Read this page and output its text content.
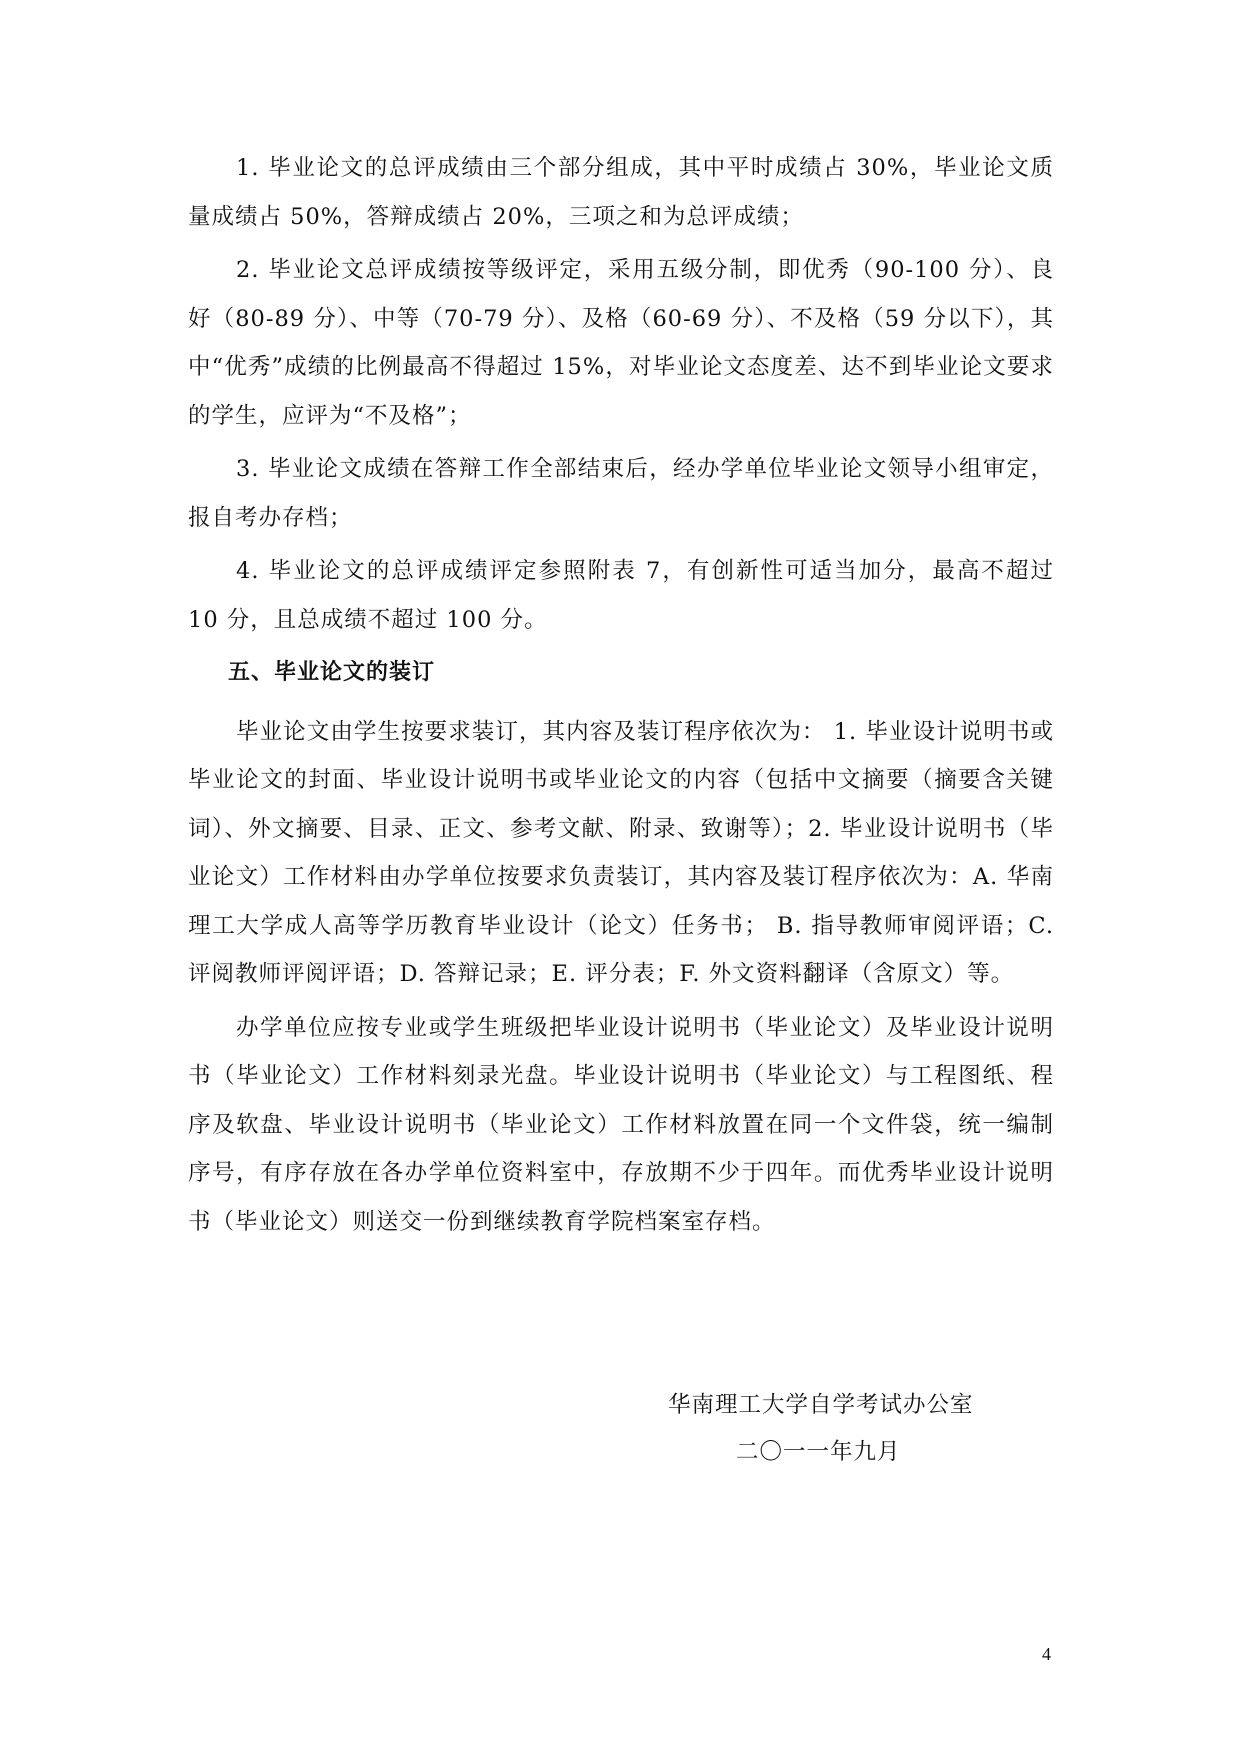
1. 毕业论文的总评成绩由三个部分组成，其中平时成绩占 30%，毕业论文质量成绩占 50%，答辩成绩占 20%，三项之和为总评成绩；

2. 毕业论文总评成绩按等级评定，采用五级分制，即优秀（90-100 分）、良好（80-89 分）、中等（70-79 分）、及格（60-69 分）、不及格（59 分以下），其中“优秀”成绩的比例最高不得超过 15%，对毕业论文态度差、达不到毕业论文要求的学生，应评为“不及格”；

3. 毕业论文成绩在答辩工作全部结束后，经办学单位毕业论文领导小组审定，报自考办存档；

4. 毕业论文的总评成绩评定参照附表 7，有创新性可适当加分，最高不超过 10 分，且总成绩不超过 100 分。

五、毕业论文的装订

毕业论文由学生按要求装订，其内容及装订程序依次为： 1. 毕业设计说明书或毕业论文的封面、毕业设计说明书或毕业论文的内容（包括中文摘要（摘要含关键词）、外文摘要、目录、正文、参考文献、附录、致谢等）；2. 毕业设计说明书（毕业论文）工作材料由办学单位按要求负责装订，其内容及装订程序依次为：A. 华南理工大学成人高等学历教育毕业设计（论文）任务书； B. 指导教师审阅评语；C. 评阅教师评阅评语；D. 答辩记录；E. 评分表；F. 外文资料翻译（含原文）等。

办学单位应按专业或学生班级把毕业设计说明书（毕业论文）及毕业设计说明书（毕业论文）工作材料刻录光盘。毕业设计说明书（毕业论文）与工程图纸、程序及软盘、毕业设计说明书（毕业论文）工作材料放置在同一个文件袋，统一编制序号，有序存放在各办学单位资料室中，存放期不少于四年。而优秀毕业设计说明书（毕业论文）则送交一份到继续教育学院档案室存档。

华南理工大学自学考试办公室
二〇一一年九月
4
